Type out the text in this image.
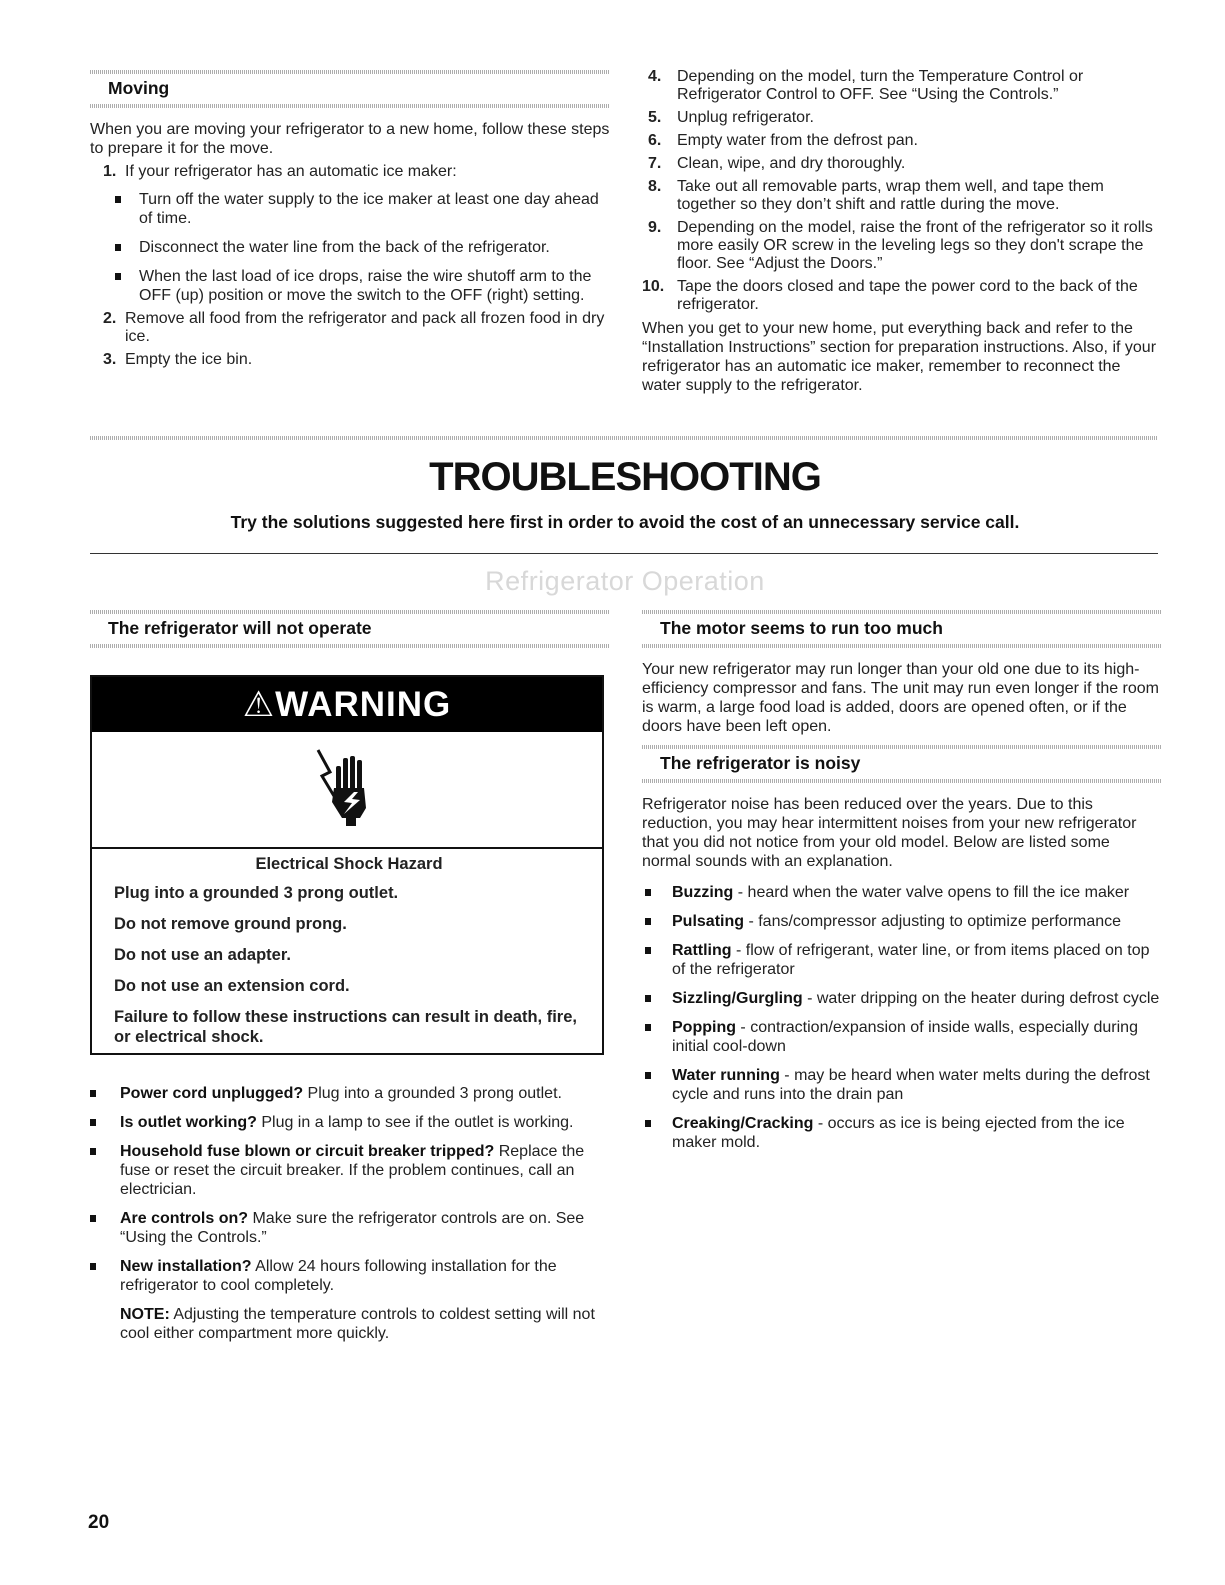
Moving

When you are moving your refrigerator to a new home, follow these steps to prepare it for the move.

1. If your refrigerator has an automatic ice maker:
Turn off the water supply to the ice maker at least one day ahead of time.
Disconnect the water line from the back of the refrigerator.
When the last load of ice drops, raise the wire shutoff arm to the OFF (up) position or move the switch to the OFF (right) setting.
2. Remove all food from the refrigerator and pack all frozen food in dry ice.
3. Empty the ice bin.
4. Depending on the model, turn the Temperature Control or Refrigerator Control to OFF. See “Using the Controls.”
5. Unplug refrigerator.
6. Empty water from the defrost pan.
7. Clean, wipe, and dry thoroughly.
8. Take out all removable parts, wrap them well, and tape them together so they don’t shift and rattle during the move.
9. Depending on the model, raise the front of the refrigerator so it rolls more easily OR screw in the leveling legs so they don't scrape the floor. See “Adjust the Doors.”
10. Tape the doors closed and tape the power cord to the back of the refrigerator.

When you get to your new home, put everything back and refer to the “Installation Instructions” section for preparation instructions. Also, if your refrigerator has an automatic ice maker, remember to reconnect the water supply to the refrigerator.

TROUBLESHOOTING
Try the solutions suggested here first in order to avoid the cost of an unnecessary service call.
Refrigerator Operation
The refrigerator will not operate
⚠WARNING
Electrical Shock Hazard
Plug into a grounded 3 prong outlet.
Do not remove ground prong.
Do not use an adapter.
Do not use an extension cord.
Failure to follow these instructions can result in death, fire, or electrical shock.
Power cord unplugged? Plug into a grounded 3 prong outlet.
Is outlet working? Plug in a lamp to see if the outlet is working.
Household fuse blown or circuit breaker tripped? Replace the fuse or reset the circuit breaker. If the problem continues, call an electrician.
Are controls on? Make sure the refrigerator controls are on. See “Using the Controls.”
New installation? Allow 24 hours following installation for the refrigerator to cool completely.

NOTE: Adjusting the temperature controls to coldest setting will not cool either compartment more quickly.

The motor seems to run too much

Your new refrigerator may run longer than your old one due to its high-efficiency compressor and fans. The unit may run even longer if the room is warm, a large food load is added, doors are opened often, or if the doors have been left open.

The refrigerator is noisy

Refrigerator noise has been reduced over the years. Due to this reduction, you may hear intermittent noises from your new refrigerator that you did not notice from your old model. Below are listed some normal sounds with an explanation.

Buzzing - heard when the water valve opens to fill the ice maker
Pulsating - fans/compressor adjusting to optimize performance
Rattling - flow of refrigerant, water line, or from items placed on top of the refrigerator
Sizzling/Gurgling - water dripping on the heater during defrost cycle
Popping - contraction/expansion of inside walls, especially during initial cool-down
Water running - may be heard when water melts during the defrost cycle and runs into the drain pan
Creaking/Cracking - occurs as ice is being ejected from the ice maker mold.
20
